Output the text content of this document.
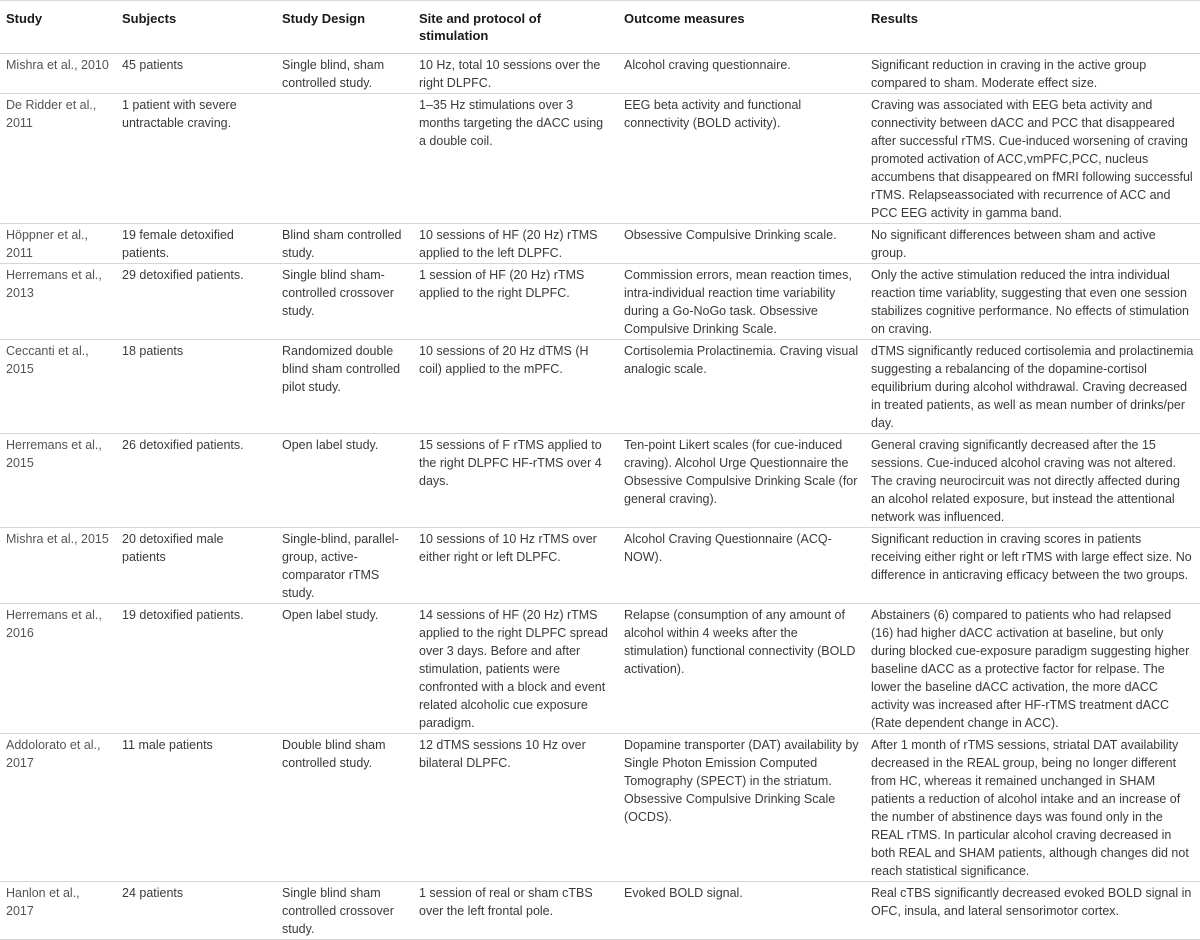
Study	Subjects	Study Design	Site and protocol of stimulation	Outcome measures	Results
Mishra et al., 2010	45 patients	Single blind, sham controlled study.	10 Hz, total 10 sessions over the right DLPFC.	Alcohol craving questionnaire.	Significant reduction in craving in the active group compared to sham. Moderate effect size.
De Ridder et al., 2011	1 patient with severe untractable craving.		1–35 Hz stimulations over 3 months targeting the dACC using a double coil.	EEG beta activity and functional connectivity (BOLD activity).	Craving was associated with EEG beta activity and connectivity between dACC and PCC that disappeared after successful rTMS. Cue-induced worsening of craving promoted activation of ACC,vmPFC,PCC, nucleus accumbens that disappeared on fMRI following successful rTMS. Relapseassociated with recurrence of ACC and PCC EEG activity in gamma band.
Höppner et al., 2011	19 female detoxified patients.	Blind sham controlled study.	10 sessions of HF (20 Hz) rTMS applied to the left DLPFC.	Obsessive Compulsive Drinking scale.	No significant differences between sham and active group.
Herremans et al., 2013	29 detoxified patients.	Single blind sham-controlled crossover study.	1 session of HF (20 Hz) rTMS applied to the right DLPFC.	Commission errors, mean reaction times, intra-individual reaction time variability during a Go-NoGo task. Obsessive Compulsive Drinking Scale.	Only the active stimulation reduced the intra individual reaction time variablity, suggesting that even one session stabilizes cognitive performance. No effects of stimulation on craving.
Ceccanti et al., 2015	18 patients	Randomized double blind sham controlled pilot study.	10 sessions of 20 Hz dTMS (H coil) applied to the mPFC.	Cortisolemia Prolactinemia. Craving visual analogic scale.	dTMS significantly reduced cortisolemia and prolactinemia suggesting a rebalancing of the dopamine-cortisol equilibrium during alcohol withdrawal. Craving decreased in treated patients, as well as mean number of drinks/per day.
Herremans et al., 2015	26 detoxified patients.	Open label study.	15 sessions of F rTMS applied to the right DLPFC HF-rTMS over 4 days.	Ten-point Likert scales (for cue-induced craving). Alcohol Urge Questionnaire the Obsessive Compulsive Drinking Scale (for general craving).	General craving significantly decreased after the 15 sessions. Cue-induced alcohol craving was not altered. The craving neurocircuit was not directly affected during an alcohol related exposure, but instead the attentional network was influenced.
Mishra et al., 2015	20 detoxified male patients	Single-blind, parallel-group, active-comparator rTMS study.	10 sessions of 10 Hz rTMS over either right or left DLPFC.	Alcohol Craving Questionnaire (ACQ-NOW).	Significant reduction in craving scores in patients receiving either right or left rTMS with large effect size. No difference in anticraving efficacy between the two groups.
Herremans et al., 2016	19 detoxified patients.	Open label study.	14 sessions of HF (20 Hz) rTMS applied to the right DLPFC spread over 3 days. Before and after stimulation, patients were confronted with a block and event related alcoholic cue exposure paradigm.	Relapse (consumption of any amount of alcohol within 4 weeks after the stimulation) functional connectivity (BOLD activation).	Abstainers (6) compared to patients who had relapsed (16) had higher dACC activation at baseline, but only during blocked cue-exposure paradigm suggesting higher baseline dACC as a protective factor for relpase. The lower the baseline dACC activation, the more dACC activity was increased after HF-rTMS treatment dACC (Rate dependent change in ACC).
Addolorato et al., 2017	11 male patients	Double blind sham controlled study.	12 dTMS sessions 10 Hz over bilateral DLPFC.	Dopamine transporter (DAT) availability by Single Photon Emission Computed Tomography (SPECT) in the striatum. Obsessive Compulsive Drinking Scale (OCDS).	After 1 month of rTMS sessions, striatal DAT availability decreased in the REAL group, being no longer different from HC, whereas it remained unchanged in SHAM patients a reduction of alcohol intake and an increase of the number of abstinence days was found only in the REAL rTMS. In particular alcohol craving decreased in both REAL and SHAM patients, although changes did not reach statistical significance.
Hanlon et al., 2017	24 patients	Single blind sham controlled crossover study.	1 session of real or sham cTBS over the left frontal pole.	Evoked BOLD signal.	Real cTBS significantly decreased evoked BOLD signal in OFC, insula, and lateral sensorimotor cortex.
